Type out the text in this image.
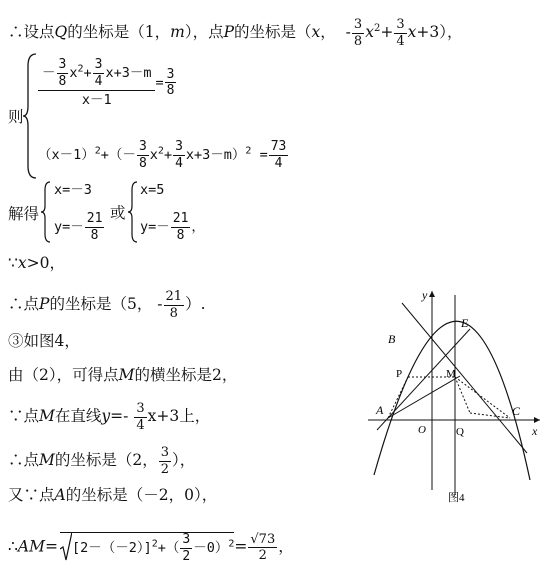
∴设点Q的坐标是（1，m），点P的坐标是（x， - $\frac{3}{8} x^2+ \frac{3}{4} x+3$），
则
$\frac{- \frac{3}{8} x^2+ \frac{3}{4} x+3-m}{x-1} = \frac{3}{8}$
$(x-1)^2+(- \frac{3}{8} x^2+ \frac{3}{4} x+3-m)^2 = \frac{73}{4}$
解得
x=－3
$y=- \frac{21}{8}$ 或
x=5
$y=- \frac{21}{8}$ ，
∵x>0，
∴点P的坐标是（5， - $\frac{21}{8}$ ）.
③如图4，
由（2），可得点M的横坐标是2，
∵点M在直线$y=- \frac{3}{4} x+3$上，
∴点M的坐标是（2， $\frac{3}{2}$ ），
又∵点A的坐标是（－2，0），
∴AM= $[2-(-2)]^2+( \frac{3}{2} -0)^2= \frac{√73}{2}$ ，
y
x
B
E
P	M
A	C
O	Q
图4
